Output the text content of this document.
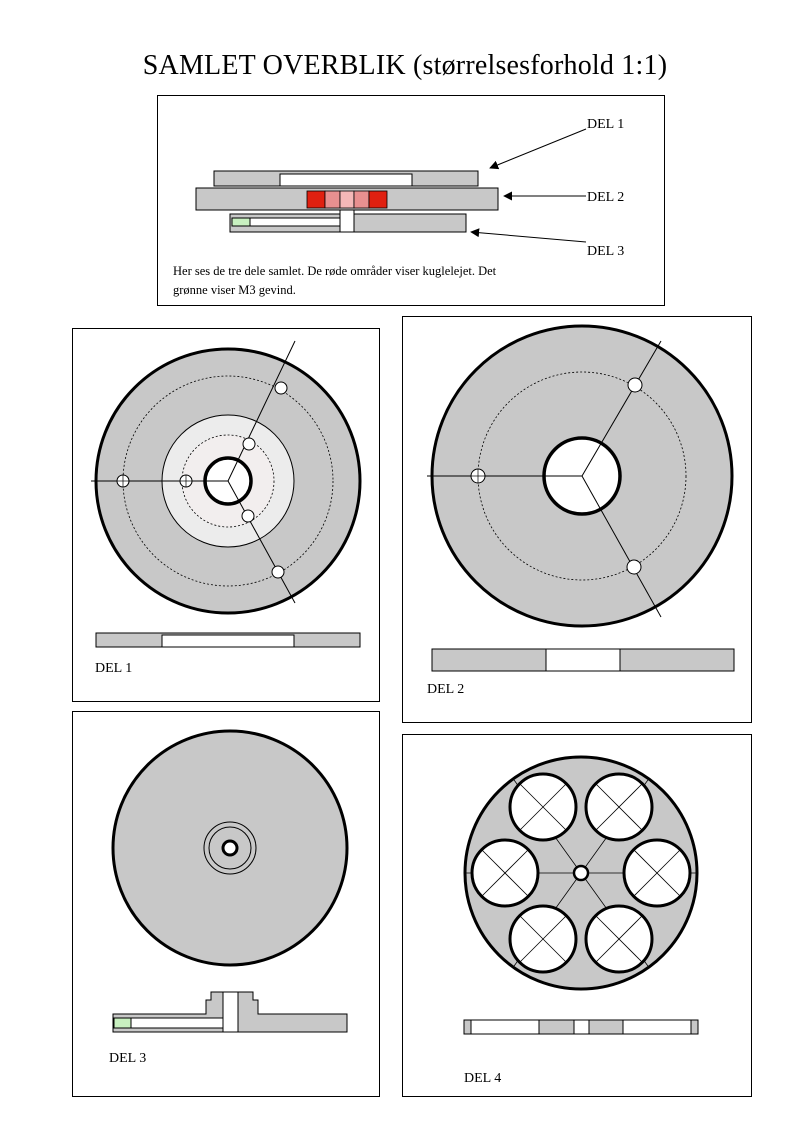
SAMLET OVERBLIK (størrelsesforhold 1:1)
DEL 1
DEL 2
DEL 3
Her ses de tre dele samlet. De røde områder viser kuglelejet. Det
grønne viser M3 gevind.
DEL 1
DEL 2
DEL 3
DEL 4
